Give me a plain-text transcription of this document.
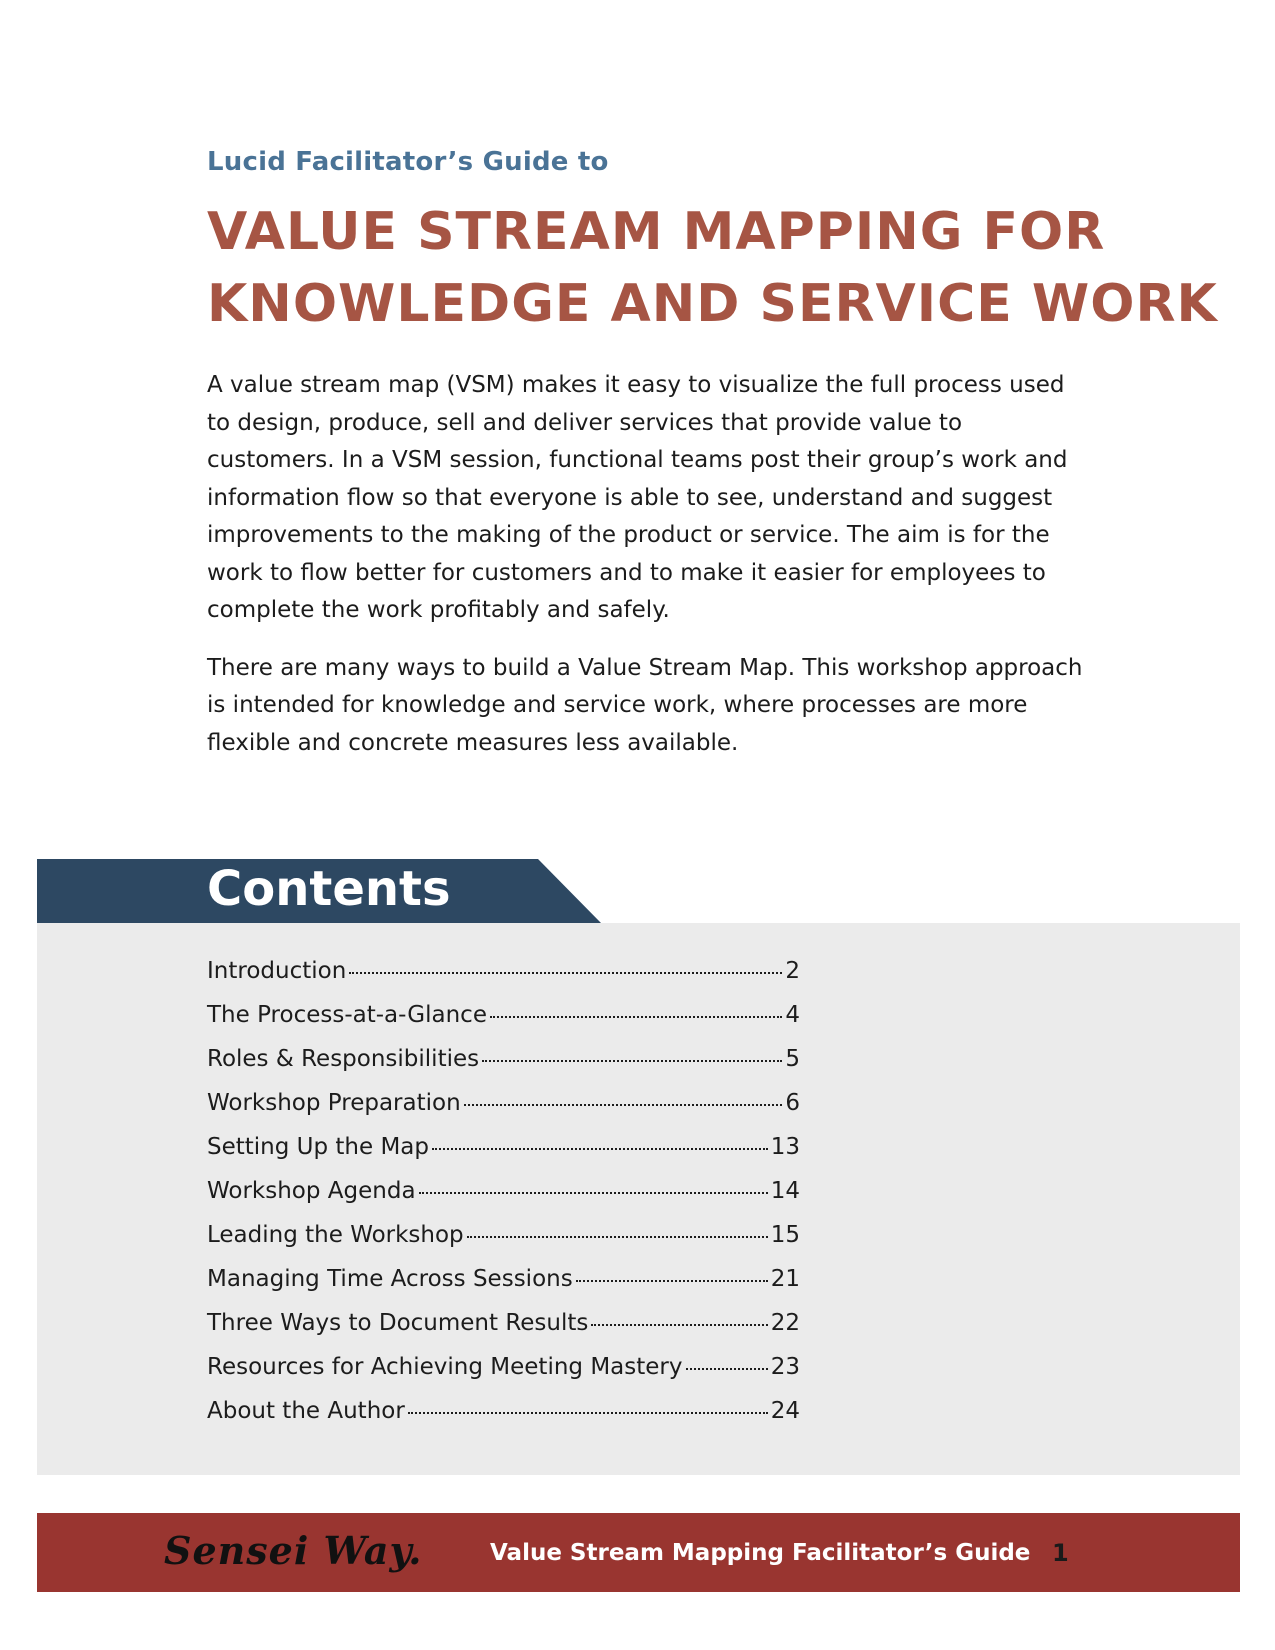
Lucid Facilitator’s Guide to
VALUE STREAM MAPPING FOR
KNOWLEDGE AND SERVICE WORK

A value stream map (VSM) makes it easy to visualize the full process used to design, produce, sell and deliver services that provide value to customers. In a VSM session, functional teams post their group’s work and information flow so that everyone is able to see, understand and suggest improvements to the making of the product or service. The aim is for the work to flow better for customers and to make it easier for employees to complete the work profitably and safely.

There are many ways to build a Value Stream Map. This workshop approach is intended for knowledge and service work, where processes are more flexible and concrete measures less available.

Contents
Introduction	2
The Process-at-a-Glance	4
Roles & Responsibilities	5
Workshop Preparation	6
Setting Up the Map	13
Workshop Agenda	14
Leading the Workshop	15
Managing Time Across Sessions	21
Three Ways to Document Results	22
Resources for Achieving Meeting Mastery	23
About the Author	24

Sensei Way.	Value Stream Mapping Facilitator’s Guide 1
